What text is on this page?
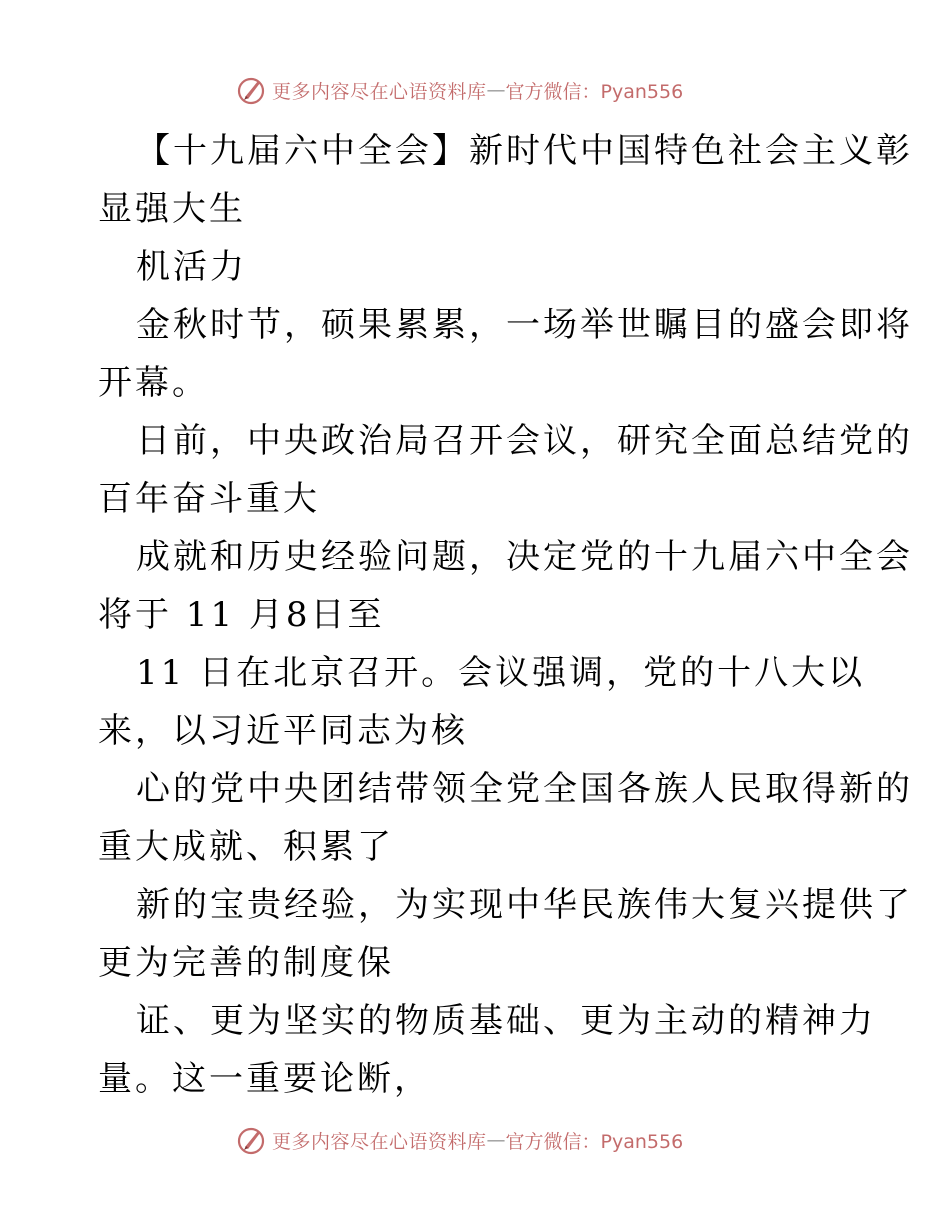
更多内容尽在心语资料库 — 官方微信：Pyan556
【十九届六中全会】新时代中国特色社会主义彰
显强大生
机活力
金秋时节，硕果累累，一场举世瞩目的盛会即将
开幕。
日前，中央政治局召开会议，研究全面总结党的
百年奋斗重大
成就和历史经验问题，决定党的十九届六中全会
将于 11 月8日至
11 日在北京召开。会议强调，党的十八大以
来，以习近平同志为核
心的党中央团结带领全党全国各族人民取得新的
重大成就、积累了
新的宝贵经验，为实现中华民族伟大复兴提供了
更为完善的制度保
证、更为坚实的物质基础、更为主动的精神力
量。这一重要论断，
更多内容尽在心语资料库 — 官方微信：Pyan556
